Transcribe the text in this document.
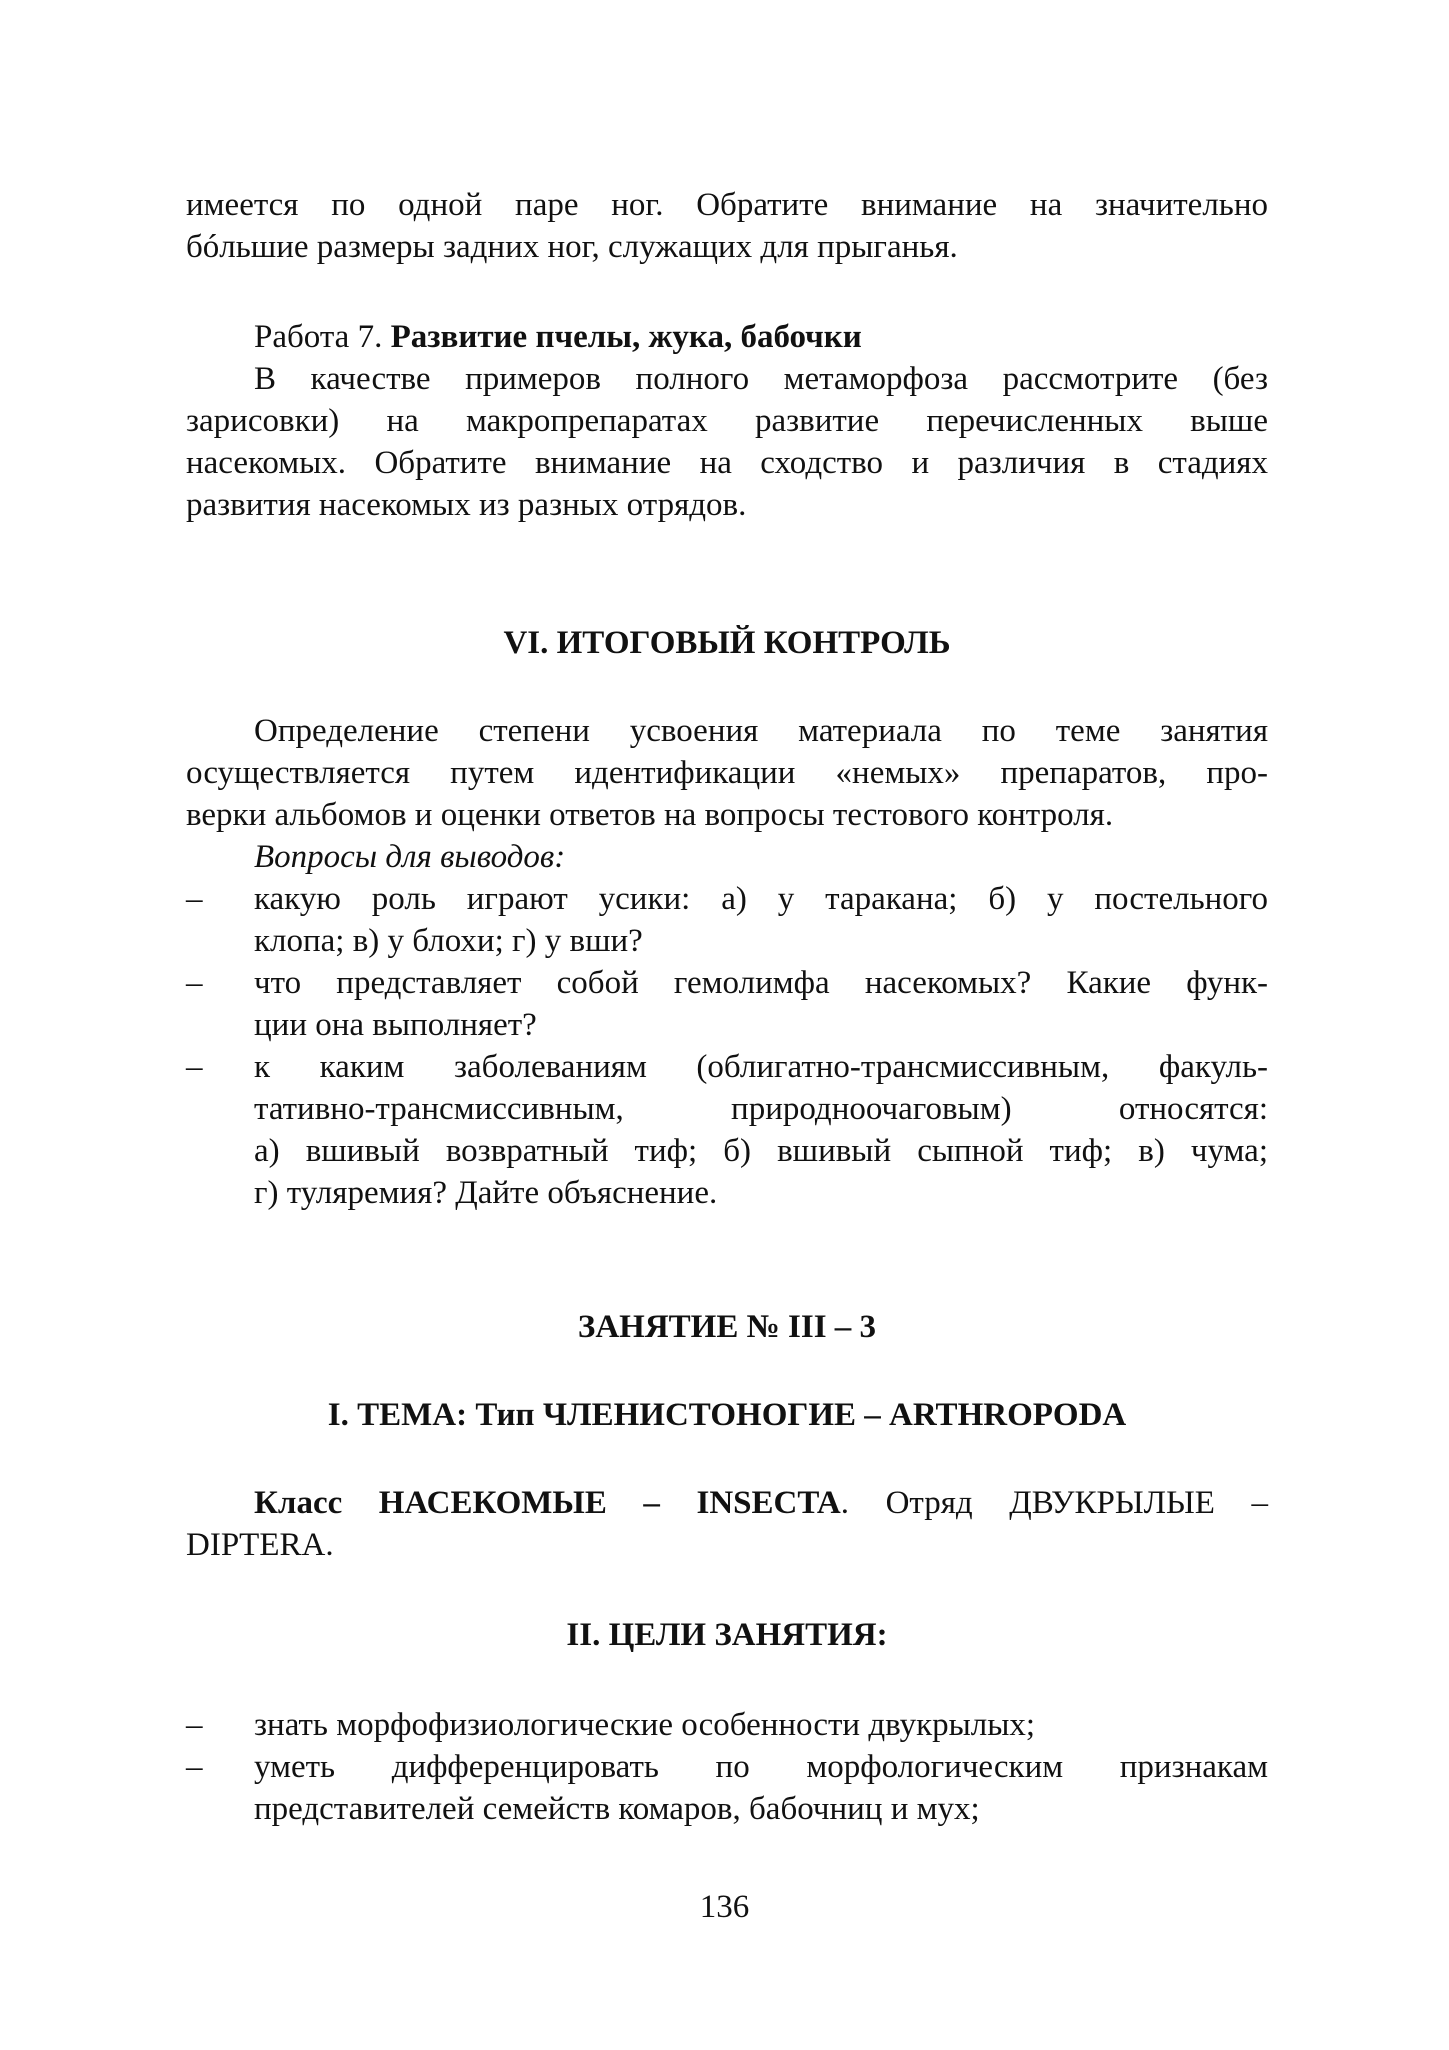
имеется по одной паре ног. Обратите внимание на значительно

бóльшие размеры задних ног, служащих для прыганья.

Работа 7. Развитие пчелы, жука, бабочки

В качестве примеров полного метаморфоза рассмотрите (без

зарисовки) на макропрепаратах развитие перечисленных выше

насекомых. Обратите внимание на сходство и различия в стадиях

развития насекомых из разных отрядов.

VI. ИТОГОВЫЙ КОНТРОЛЬ

Определение степени усвоения материала по теме занятия

осуществляется путем идентификации «немых» препаратов, про-

верки альбомов и оценки ответов на вопросы тестового контроля.

Вопросы для выводов:

– какую роль играют усики: а) у таракана; б) у постельного

клопа; в) у блохи; г) у вши?

– что представляет собой гемолимфа насекомых? Какие функ-

ции она выполняет?

– к каким заболеваниям (облигатно-трансмиссивным, факуль-

тативно-трансмиссивным, природноочаговым) относятся:

а) вшивый возвратный тиф; б) вшивый сыпной тиф; в) чума;

г) туляремия? Дайте объяснение.

ЗАНЯТИЕ № III – 3
I. ТЕМА: Тип ЧЛЕНИСТОНОГИЕ – ARTHROPODA

Класс НАСЕКОМЫЕ – INSECTA. Отряд ДВУКРЫЛЫЕ –

DIPTERA.

II. ЦЕЛИ ЗАНЯТИЯ:
– знать морфофизиологические особенности двукрылых;

– уметь дифференцировать по морфологическим признакам

представителей семейств комаров, бабочниц и мух;

136
